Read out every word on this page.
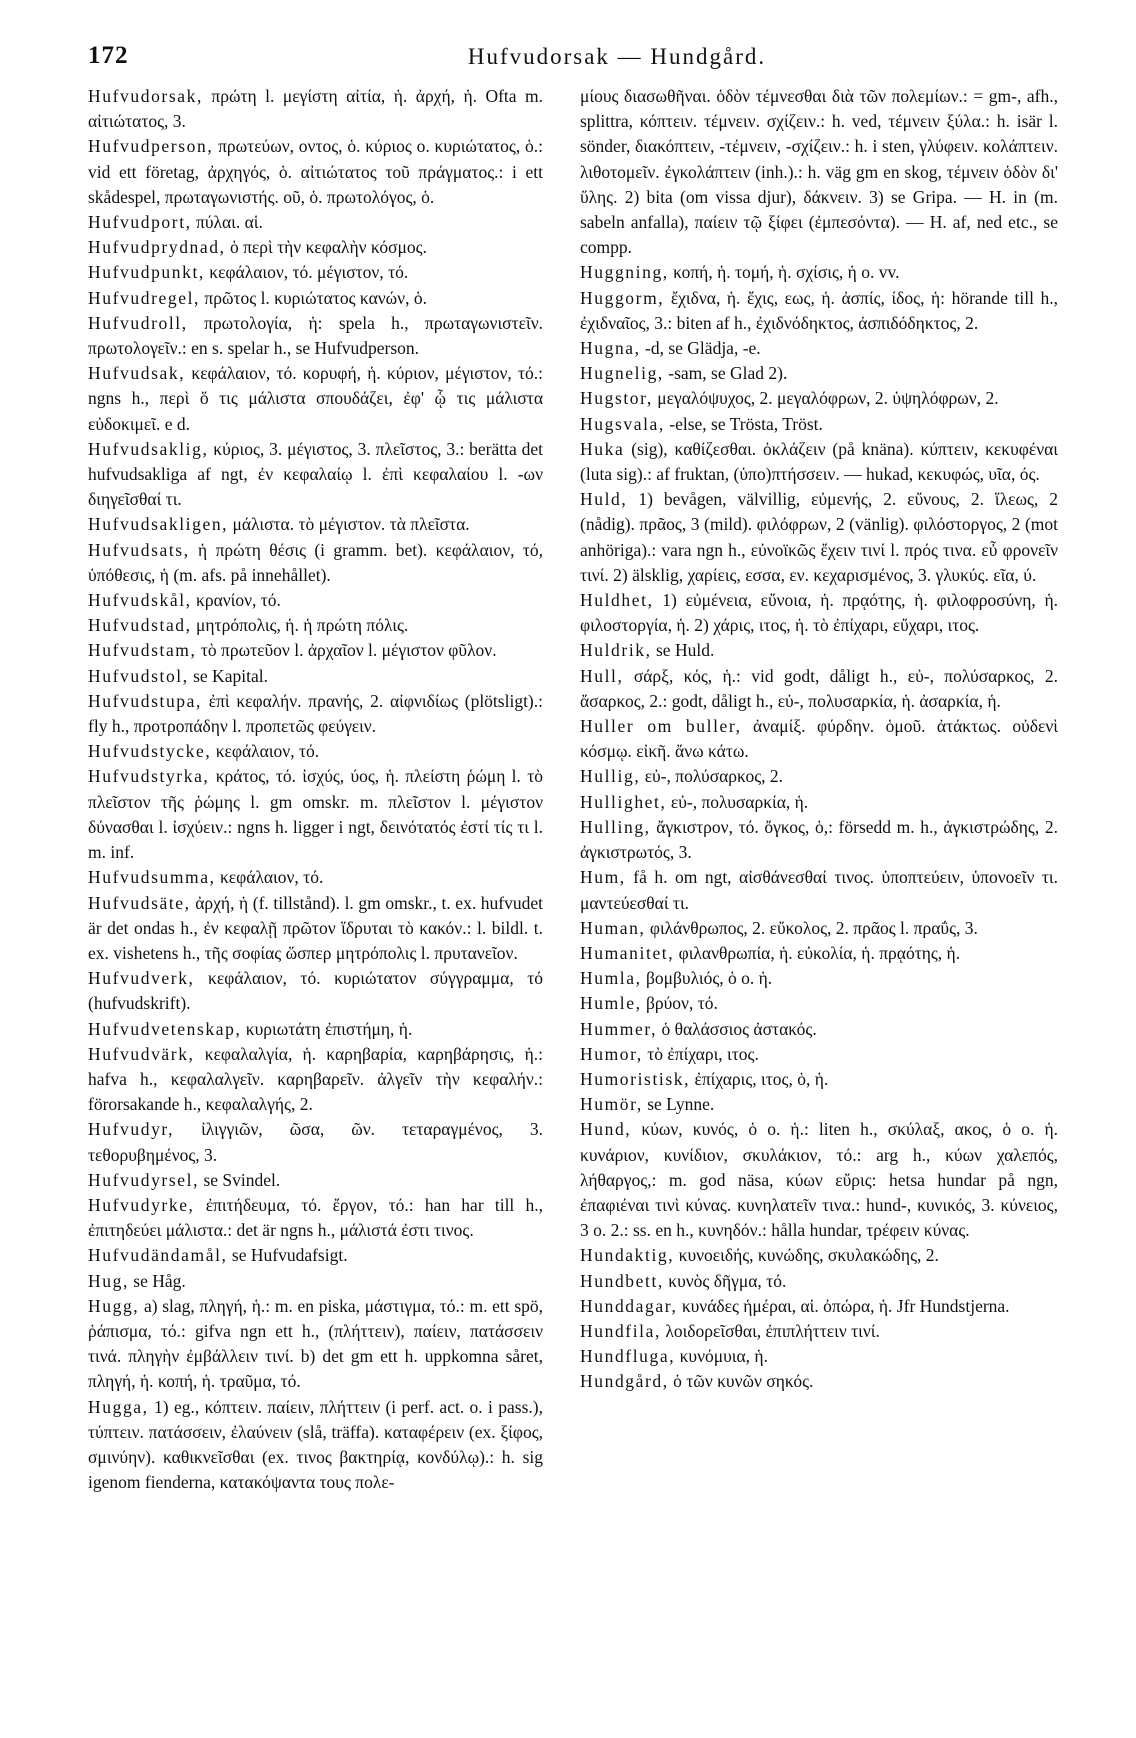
172	Hufvudorsak — Hundgård.

Hufvudorsak, πρώτη l. μεγίστη αἰτία, ἡ. ἀρχή, ἡ. Ofta m. αἰτιώτατος, 3.

Hufvudperson, πρωτεύων, οντος, ὁ. κύριος o. κυριώτατος, ὁ.: vid ett företag, ἀρχηγός, ὁ. αἰτιώτατος τοῦ πράγματος.: i ett skådespel, πρωταγωνιστής. οῦ, ὁ. πρωτολόγος, ὁ.

Hufvudport, πύλαι. αἱ.

Hufvudprydnad, ὁ περὶ τὴν κεφαλὴν κόσμος.

Hufvudpunkt, κεφάλαιον, τό. μέγιστον, τό.

Hufvudregel, πρῶτος l. κυριώτατος κανών, ὁ.

Hufvudroll, πρωτολογία, ἡ: spela h., πρωταγωνιστεῖν. πρωτολογεῖν.: en s. spelar h., se Hufvudperson.

Hufvudsak, κεφάλαιον, τό. κορυφή, ἡ. κύριον, μέγιστον, τό.: ngns h., περὶ ὅ τις μάλιστα σπουδάζει, ἐφ' ᾧ τις μάλιστα εὐδοκιμεῖ. e d.

Hufvudsaklig, κύριος, 3. μέγιστος, 3. πλεῖστος, 3.: berätta det hufvudsakliga af ngt, ἐν κεφαλαίῳ l. ἐπὶ κεφαλαίου l. -ων διηγεῖσθαί τι.

Hufvudsakligen, μάλιστα. τὸ μέγιστον. τὰ πλεῖστα.

Hufvudsats, ἡ πρώτη θέσις (i gramm. bet). κεφάλαιον, τό, ὑπόθεσις, ἡ (m. afs. på innehållet).

Hufvudskål, κρανίον, τό.

Hufvudstad, μητρόπολις, ἡ. ἡ πρώτη πόλις.

Hufvudstam, τὸ πρωτεῦον l. ἀρχαῖον l. μέγιστον φῦλον.

Hufvudstol, se Kapital.

Hufvudstupa, ἐπὶ κεφαλήν. πρανής, 2. αἰφνιδίως (plötsligt).: fly h., προτροπάδην l. προπετῶς φεύγειν.

Hufvudstycke, κεφάλαιον, τό.

Hufvudstyrka, κράτος, τό. ἰσχύς, ύος, ἡ. πλείστη ῥώμη l. τὸ πλεῖστον τῆς ῥώμης l. gm omskr. m. πλεῖστον l. μέγιστον δύνασθαι l. ἰσχύειν.: ngns h. ligger i ngt, δεινότατός ἐστί τίς τι l. m. inf.

Hufvudsumma, κεφάλαιον, τό.

Hufvudsäte, ἀρχή, ἡ (f. tillstånd). l. gm omskr., t. ex. hufvudet är det ondas h., ἐν κεφαλῇ πρῶτον ἵδρυται τὸ κακόν.: l. bildl. t. ex. vishetens h., τῆς σοφίας ὥσπερ μητρόπολις l. πρυτανεῖον.

Hufvudverk, κεφάλαιον, τό. κυριώτατον σύγγραμμα, τό (hufvudskrift).

Hufvudvetenskap, κυριωτάτη ἐπιστήμη, ἡ.

Hufvudvärk, κεφαλαλγία, ἡ. καρηβαρία, καρηβάρησις, ἡ.: hafva h., κεφαλαλγεῖν. καρηβαρεῖν. ἀλγεῖν τὴν κεφαλήν.: förorsakande h., κεφαλαλγής, 2.

Hufvudyr, ἰλιγγιῶν, ῶσα, ῶν. τεταραγμένος, 3. τεθορυβημένος, 3.

Hufvudyrsel, se Svindel.

Hufvudyrke, ἐπιτήδευμα, τό. ἔργον, τό.: han har till h., ἐπιτηδεύει μάλιστα.: det är ngns h., μάλιστά ἐστι τινος.

Hufvudändamål, se Hufvudafsigt.

Hug, se Håg.

Hugg, a) slag, πληγή, ἡ.: m. en piska, μάστιγμα, τό.: m. ett spö, ῥάπισμα, τό.: gifva ngn ett h., (πλήττειν), παίειν, πατάσσειν τινά. πληγὴν ἐμβάλλειν τινί. b) det gm ett h. uppkomna såret, πληγή, ἡ. κοπή, ἡ. τραῦμα, τό.

Hugga, 1) eg., κόπτειν. παίειν, πλήττειν (i perf. act. o. i pass.), τύπτειν. πατάσσειν, ἐλαύνειν (slå, träffa). καταφέρειν (ex. ξίφος, σμινύην). καθικνεῖσθαι (ex. τινος βακτηρίᾳ, κονδύλῳ).: h. sig igenom fienderna, κατακόψαντα τους πολε-

μίους διασωθῆναι. ὁδὸν τέμνεσθαι διὰ τῶν πολεμίων.: = gm-, afh., splittra, κόπτειν. τέμνειν. σχίζειν.: h. ved, τέμνειν ξύλα.: h. isär l. sönder, διακόπτειν, -τέμνειν, -σχίζειν.: h. i sten, γλύφειν. κολάπτειν. λιθοτομεῖν. ἐγκολάπτειν (inh.).: h. väg gm en skog, τέμνειν ὁδὸν δι' ὕλης. 2) bita (om vissa djur), δάκνειν. 3) se Gripa. — H. in (m. sabeln anfalla), παίειν τῷ ξίφει (ἐμπεσόντα). — H. af, ned etc., se compp.

Huggning, κοπή, ἡ. τομή, ἡ. σχίσις, ἡ o. vv.

Huggorm, ἔχιδνα, ἡ. ἔχις, εως, ἡ. ἀσπίς, ίδος, ἡ: hörande till h., ἐχιδναῖος, 3.: biten af h., ἐχιδνόδηκτος, ἀσπιδόδηκτος, 2.

Hugna, -d, se Glädja, -e.

Hugnelig, -sam, se Glad 2).

Hugstor, μεγαλόψυχος, 2. μεγαλόφρων, 2. ὑψηλόφρων, 2.

Hugsvala, -else, se Trösta, Tröst.

Huka (sig), καθίζεσθαι. ὀκλάζειν (på knäna). κύπτειν, κεκυφέναι (luta sig).: af fruktan, (ὑπο)πτήσσειν. — hukad, κεκυφώς, υῖα, ός.

Huld, 1) bevågen, välvillig, εὐμενής, 2. εὔνους, 2. ἵλεως, 2 (nådig). πρᾶος, 3 (mild). φιλόφρων, 2 (vänlig). φιλόστοργος, 2 (mot anhöriga).: vara ngn h., εὐνοϊκῶς ἔχειν τινί l. πρός τινα. εὖ φρονεῖν τινί. 2) älsklig, χαρίεις, εσσα, εν. κεχαρισμένος, 3. γλυκύς. εῖα, ύ.

Huldhet, 1) εὐμένεια, εὔνοια, ἡ. πρᾳότης, ἡ. φιλοφροσύνη, ἡ. φιλοστοργία, ἡ. 2) χάρις, ιτος, ἡ. τὸ ἐπίχαρι, εὔχαρι, ιτος.

Huldrik, se Huld.

Hull, σάρξ, κός, ἡ.: vid godt, dåligt h., εὐ-, πολύσαρκος, 2. ἄσαρκος, 2.: godt, dåligt h., εὐ-, πολυσαρκία, ἡ. ἀσαρκία, ἡ.

Huller om buller, ἀναμίξ. φύρδην. ὁμοῦ. ἀτάκτως. οὐδενὶ κόσμῳ. εἰκῆ. ἄνω κάτω.

Hullig, εὐ-, πολύσαρκος, 2.

Hullighet, εὐ-, πολυσαρκία, ἡ.

Hulling, ἄγκιστρον, τό. ὄγκος, ὁ,: försedd m. h., ἀγκιστρώδης, 2. ἀγκιστρωτός, 3.

Hum, få h. om ngt, αἰσθάνεσθαί τινος. ὑποπτεύειν, ὑπονοεῖν τι. μαντεύεσθαί τι.

Human, φιλάνθρωπος, 2. εὔκολος, 2. πρᾶος l. πραΰς, 3.

Humanitet, φιλανθρωπία, ἡ. εὐκολία, ἡ. πρᾳότης, ἡ.

Humla, βομβυλιός, ὁ o. ἡ.

Humle, βρύον, τό.

Hummer, ὁ θαλάσσιος ἀστακός.

Humor, τὸ ἐπίχαρι, ιτος.

Humoristisk, ἐπίχαρις, ιτος, ὁ, ἡ.

Humör, se Lynne.

Hund, κύων, κυνός, ὁ o. ἡ.: liten h., σκύλαξ, ακος, ὁ o. ἡ. κυνάριον, κυνίδιον, σκυλάκιον, τό.: arg h., κύων χαλεπός, λήθαργος,: m. god näsa, κύων εὔρις: hetsa hundar på ngn, ἐπαφιέναι τινὶ κύνας. κυνηλατεῖν τινα.: hund-, κυνικός, 3. κύνειος, 3 o. 2.: ss. en h., κυνηδόν.: hålla hundar, τρέφειν κύνας.

Hundaktig, κυνοειδής, κυνώδης, σκυλακώδης, 2.

Hundbett, κυνὸς δῆγμα, τό.

Hunddagar, κυνάδες ἡμέραι, αἱ. ὀπώρα, ἡ. Jfr Hundstjerna.

Hundfila, λοιδορεῖσθαι, ἐπιπλήττειν τινί.

Hundfluga, κυνόμυια, ἡ.

Hundgård, ὁ τῶν κυνῶν σηκός.
